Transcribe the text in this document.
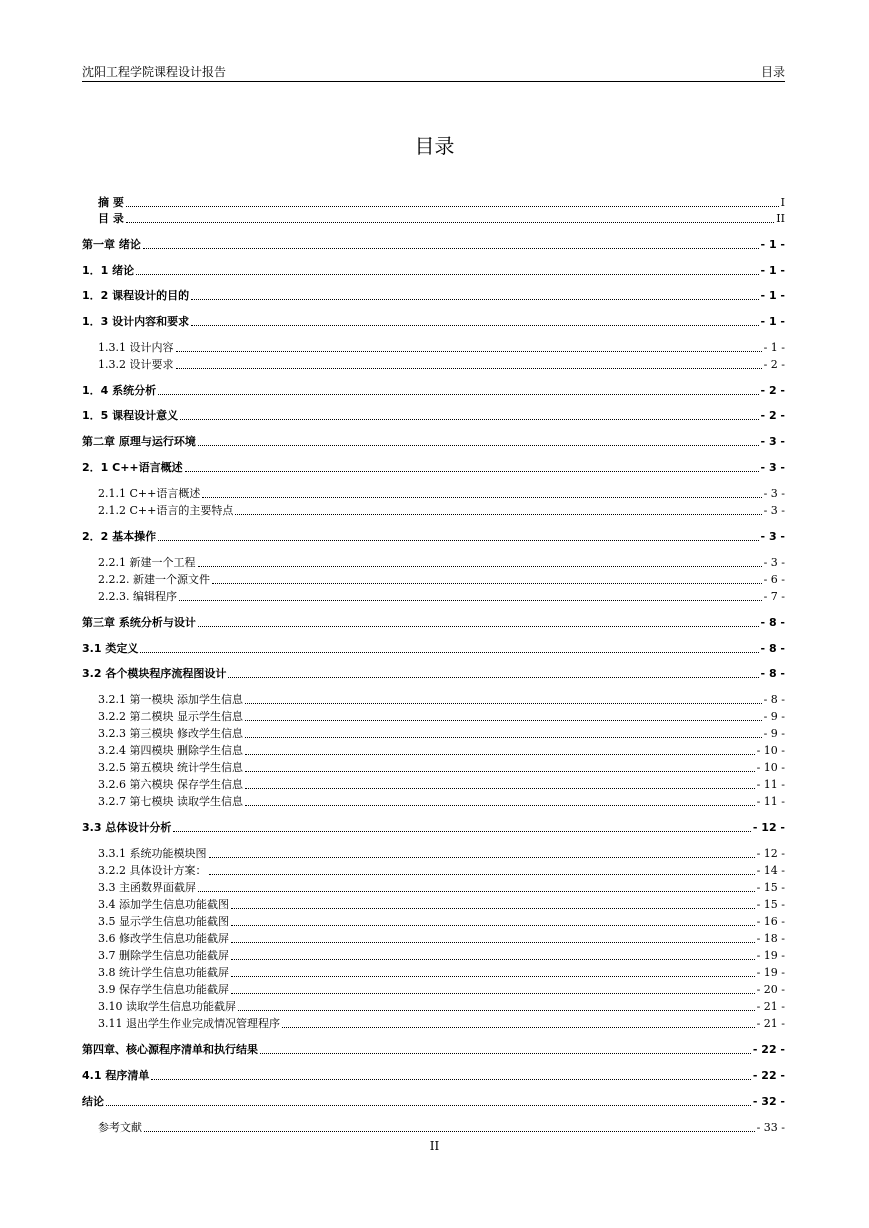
沈阳工程学院课程设计报告	目录
目录
摘 要	I
目 录	II
第一章 绪论	- 1 -
1．1 绪论	- 1 -
1．2 课程设计的目的	- 1 -
1．3 设计内容和要求	- 1 -
1.3.1 设计内容	- 1 -
1.3.2 设计要求	- 2 -
1．4 系统分析	- 2 -
1．5 课程设计意义	- 2 -
第二章 原理与运行环境	- 3 -
2．1 C++语言概述	- 3 -
2.1.1 C++语言概述	- 3 -
2.1.2 C++语言的主要特点	- 3 -
2．2 基本操作	- 3 -
2.2.1 新建一个工程	- 3 -
2.2.2. 新建一个源文件	- 6 -
2.2.3. 编辑程序	- 7 -
第三章 系统分析与设计	- 8 -
3.1 类定义	- 8 -
3.2 各个模块程序流程图设计	- 8 -
3.2.1 第一模块 添加学生信息	- 8 -
3.2.2 第二模块 显示学生信息	- 9 -
3.2.3 第三模块 修改学生信息	- 9 -
3.2.4 第四模块 删除学生信息	- 10 -
3.2.5 第五模块 统计学生信息	- 10 -
3.2.6 第六模块 保存学生信息	- 11 -
3.2.7 第七模块 读取学生信息	- 11 -
3.3 总体设计分析	- 12 -
3.3.1 系统功能模块图	- 12 -
3.2.2 具体设计方案：	- 14 -
3.3 主函数界面截屏	- 15 -
3.4 添加学生信息功能截图	- 15 -
3.5 显示学生信息功能截图	- 16 -
3.6 修改学生信息功能截屏	- 18 -
3.7 删除学生信息功能截屏	- 19 -
3.8 统计学生信息功能截屏	- 19 -
3.9 保存学生信息功能截屏	- 20 -
3.10 读取学生信息功能截屏	- 21 -
3.11 退出学生作业完成情况管理程序	- 21 -
第四章、核心源程序清单和执行结果	- 22 -
4.1 程序清单	- 22 -
结论	- 32 -
参考文献	- 33 -
II
